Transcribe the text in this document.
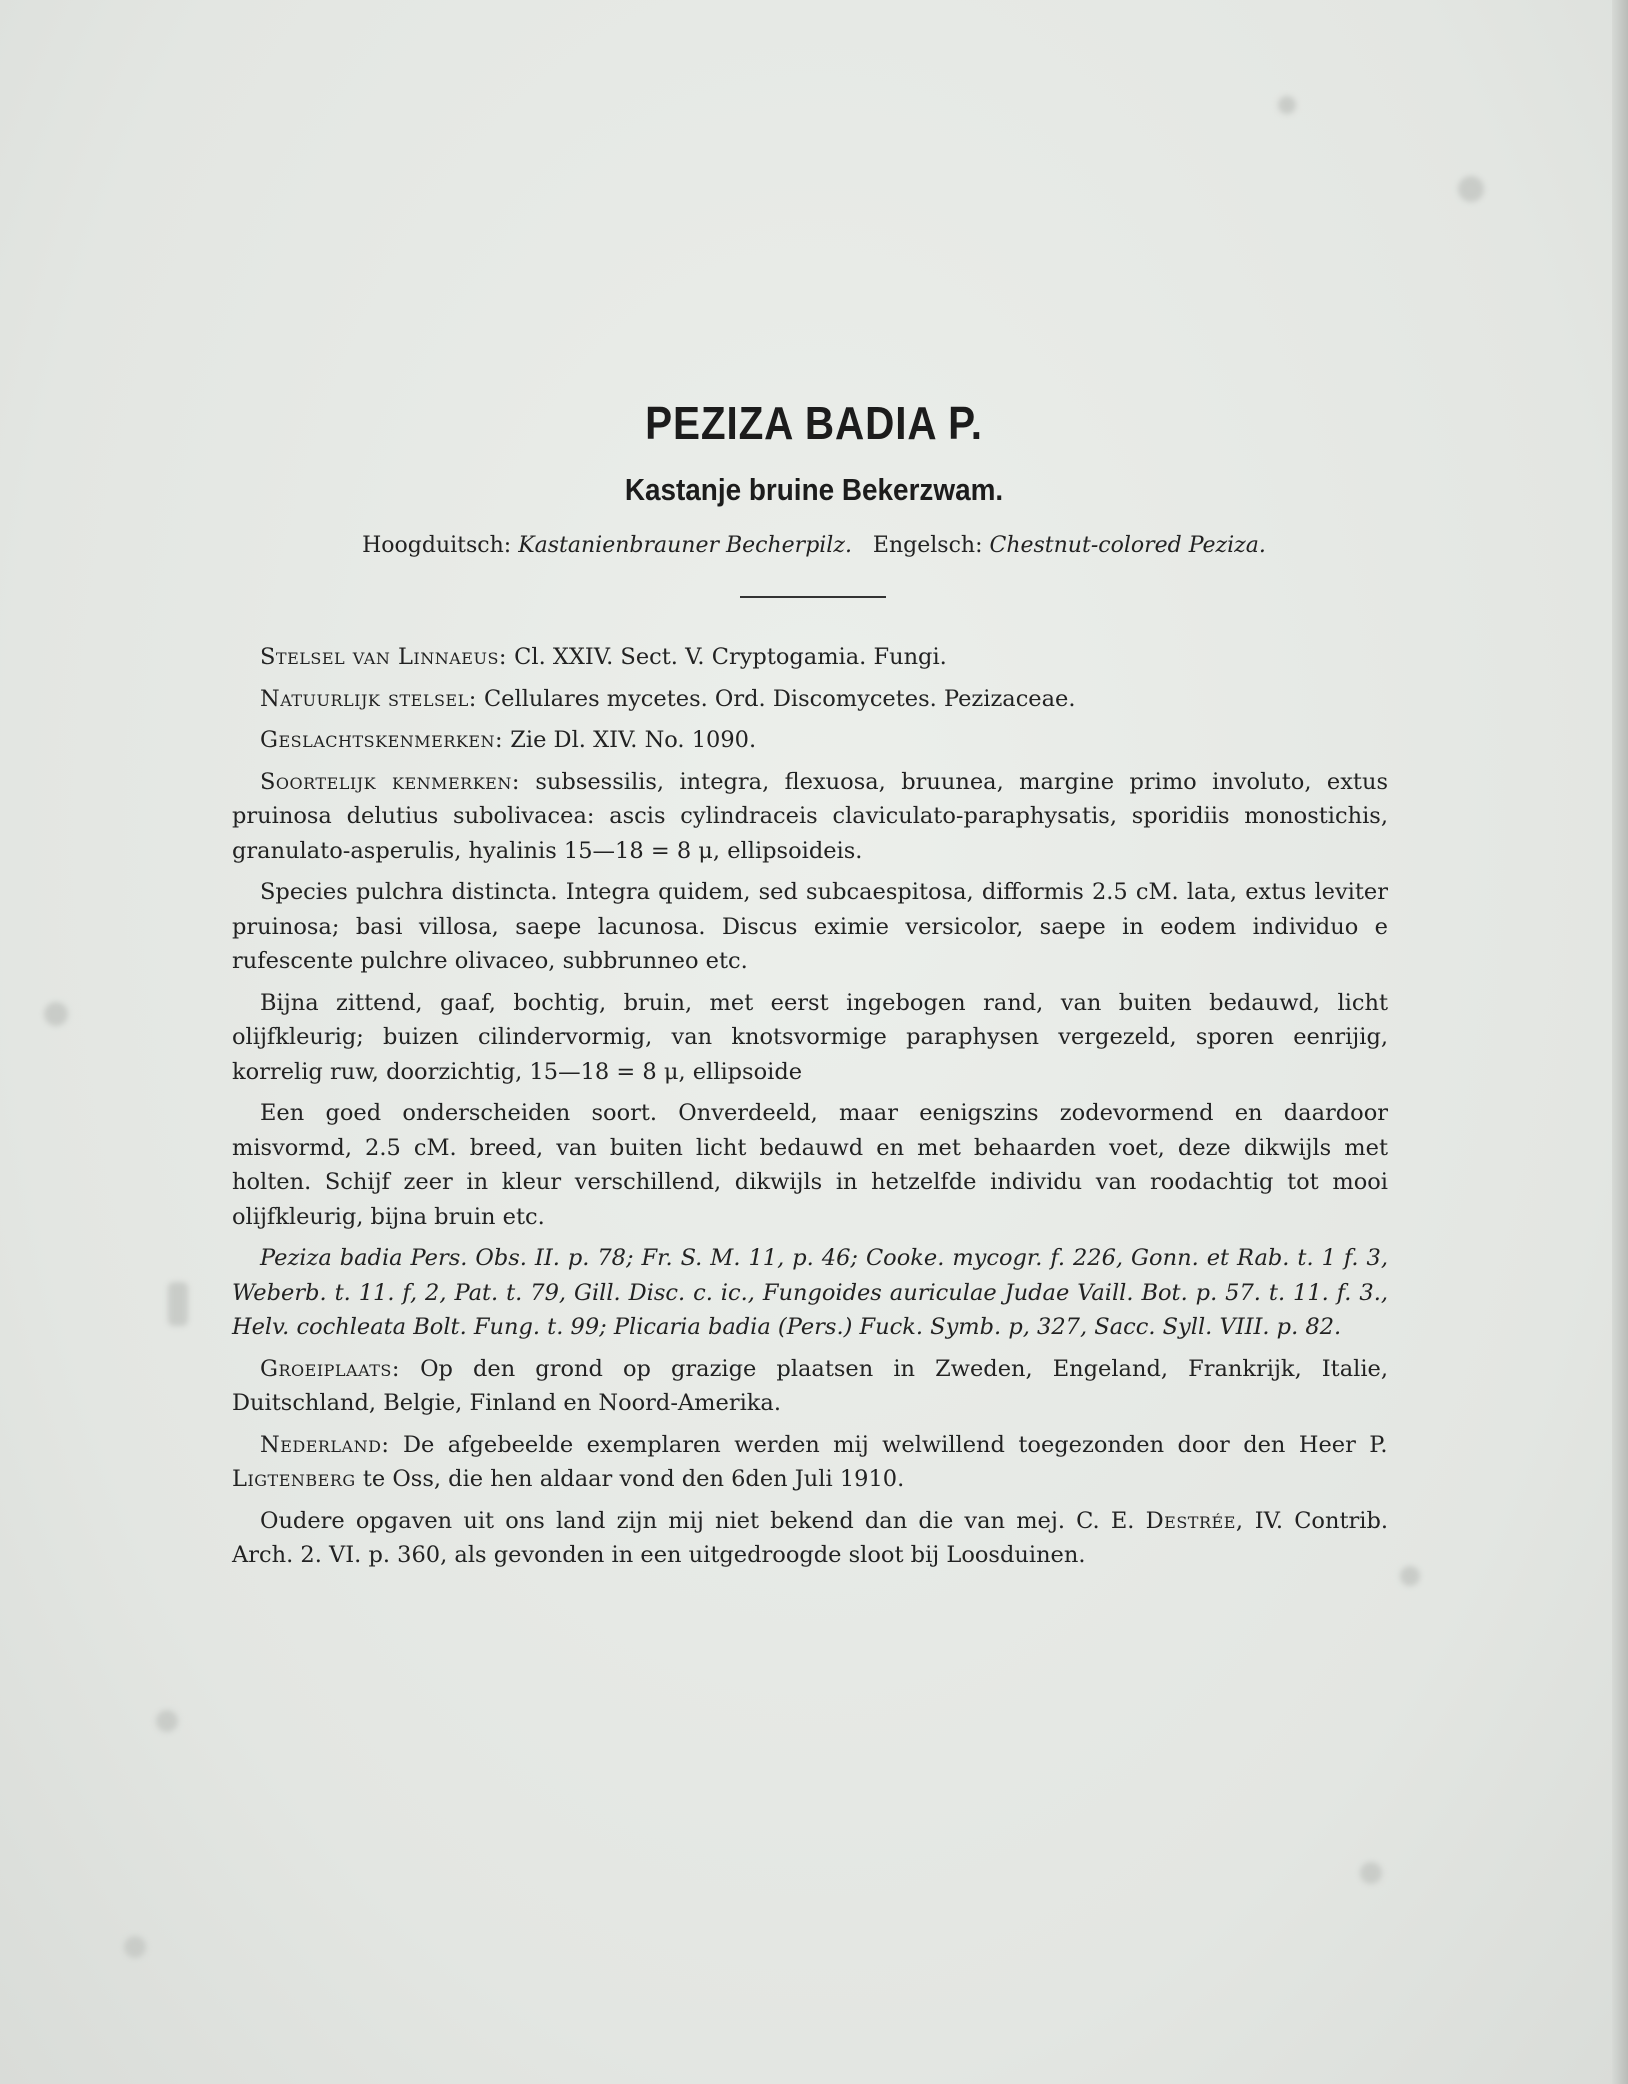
PEZIZA BADIA P.
Kastanje bruine Bekerzwam.
Hoogduitsch: Kastanienbrauner Becherpilz. Engelsch: Chestnut-colored Peziza.

Stelsel van Linnaeus: Cl. XXIV. Sect. V. Cryptogamia. Fungi.

Natuurlijk stelsel: Cellulares mycetes. Ord. Discomycetes. Pezizaceae.

Geslachtskenmerken: Zie Dl. XIV. No. 1090.

Soortelijk kenmerken: subsessilis, integra, flexuosa, bruunea, margine primo involuto, extus pruinosa delutius subolivacea: ascis cylindraceis claviculato-paraphysatis, sporidiis monostichis, granulato-asperulis, hyalinis 15—18 = 8 μ, ellipsoideis.

Species pulchra distincta. Integra quidem, sed subcaespitosa, difformis 2.5 cM. lata, extus leviter pruinosa; basi villosa, saepe lacunosa. Discus eximie versicolor, saepe in eodem individuo e rufescente pulchre olivaceo, subbrunneo etc.

Bijna zittend, gaaf, bochtig, bruin, met eerst ingebogen rand, van buiten bedauwd, licht olijfkleurig; buizen cilindervormig, van knotsvormige paraphysen vergezeld, sporen eenrijig, korrelig ruw, doorzichtig, 15—18 = 8 μ, ellipsoide

Een goed onderscheiden soort. Onverdeeld, maar eenigszins zodevormend en daardoor misvormd, 2.5 cM. breed, van buiten licht bedauwd en met behaarden voet, deze dikwijls met holten. Schijf zeer in kleur verschillend, dikwijls in hetzelfde individu van roodachtig tot mooi olijfkleurig, bijna bruin etc.

Peziza badia Pers. Obs. II. p. 78; Fr. S. M. 11, p. 46; Cooke. mycogr. f. 226, Gonn. et Rab. t. 1 f. 3, Weberb. t. 11. f, 2, Pat. t. 79, Gill. Disc. c. ic., Fungoides auriculae Judae Vaill. Bot. p. 57. t. 11. f. 3., Helv. cochleata Bolt. Fung. t. 99; Plicaria badia (Pers.) Fuck. Symb. p, 327, Sacc. Syll. VIII. p. 82.

Groeiplaats: Op den grond op grazige plaatsen in Zweden, Engeland, Frankrijk, Italie, Duitschland, Belgie, Finland en Noord-Amerika.

Nederland: De afgebeelde exemplaren werden mij welwillend toegezonden door den Heer P. Ligtenberg te Oss, die hen aldaar vond den 6den Juli 1910.

Oudere opgaven uit ons land zijn mij niet bekend dan die van mej. C. E. Destrée, IV. Contrib. Arch. 2. VI. p. 360, als gevonden in een uitgedroogde sloot bij Loosduinen.
